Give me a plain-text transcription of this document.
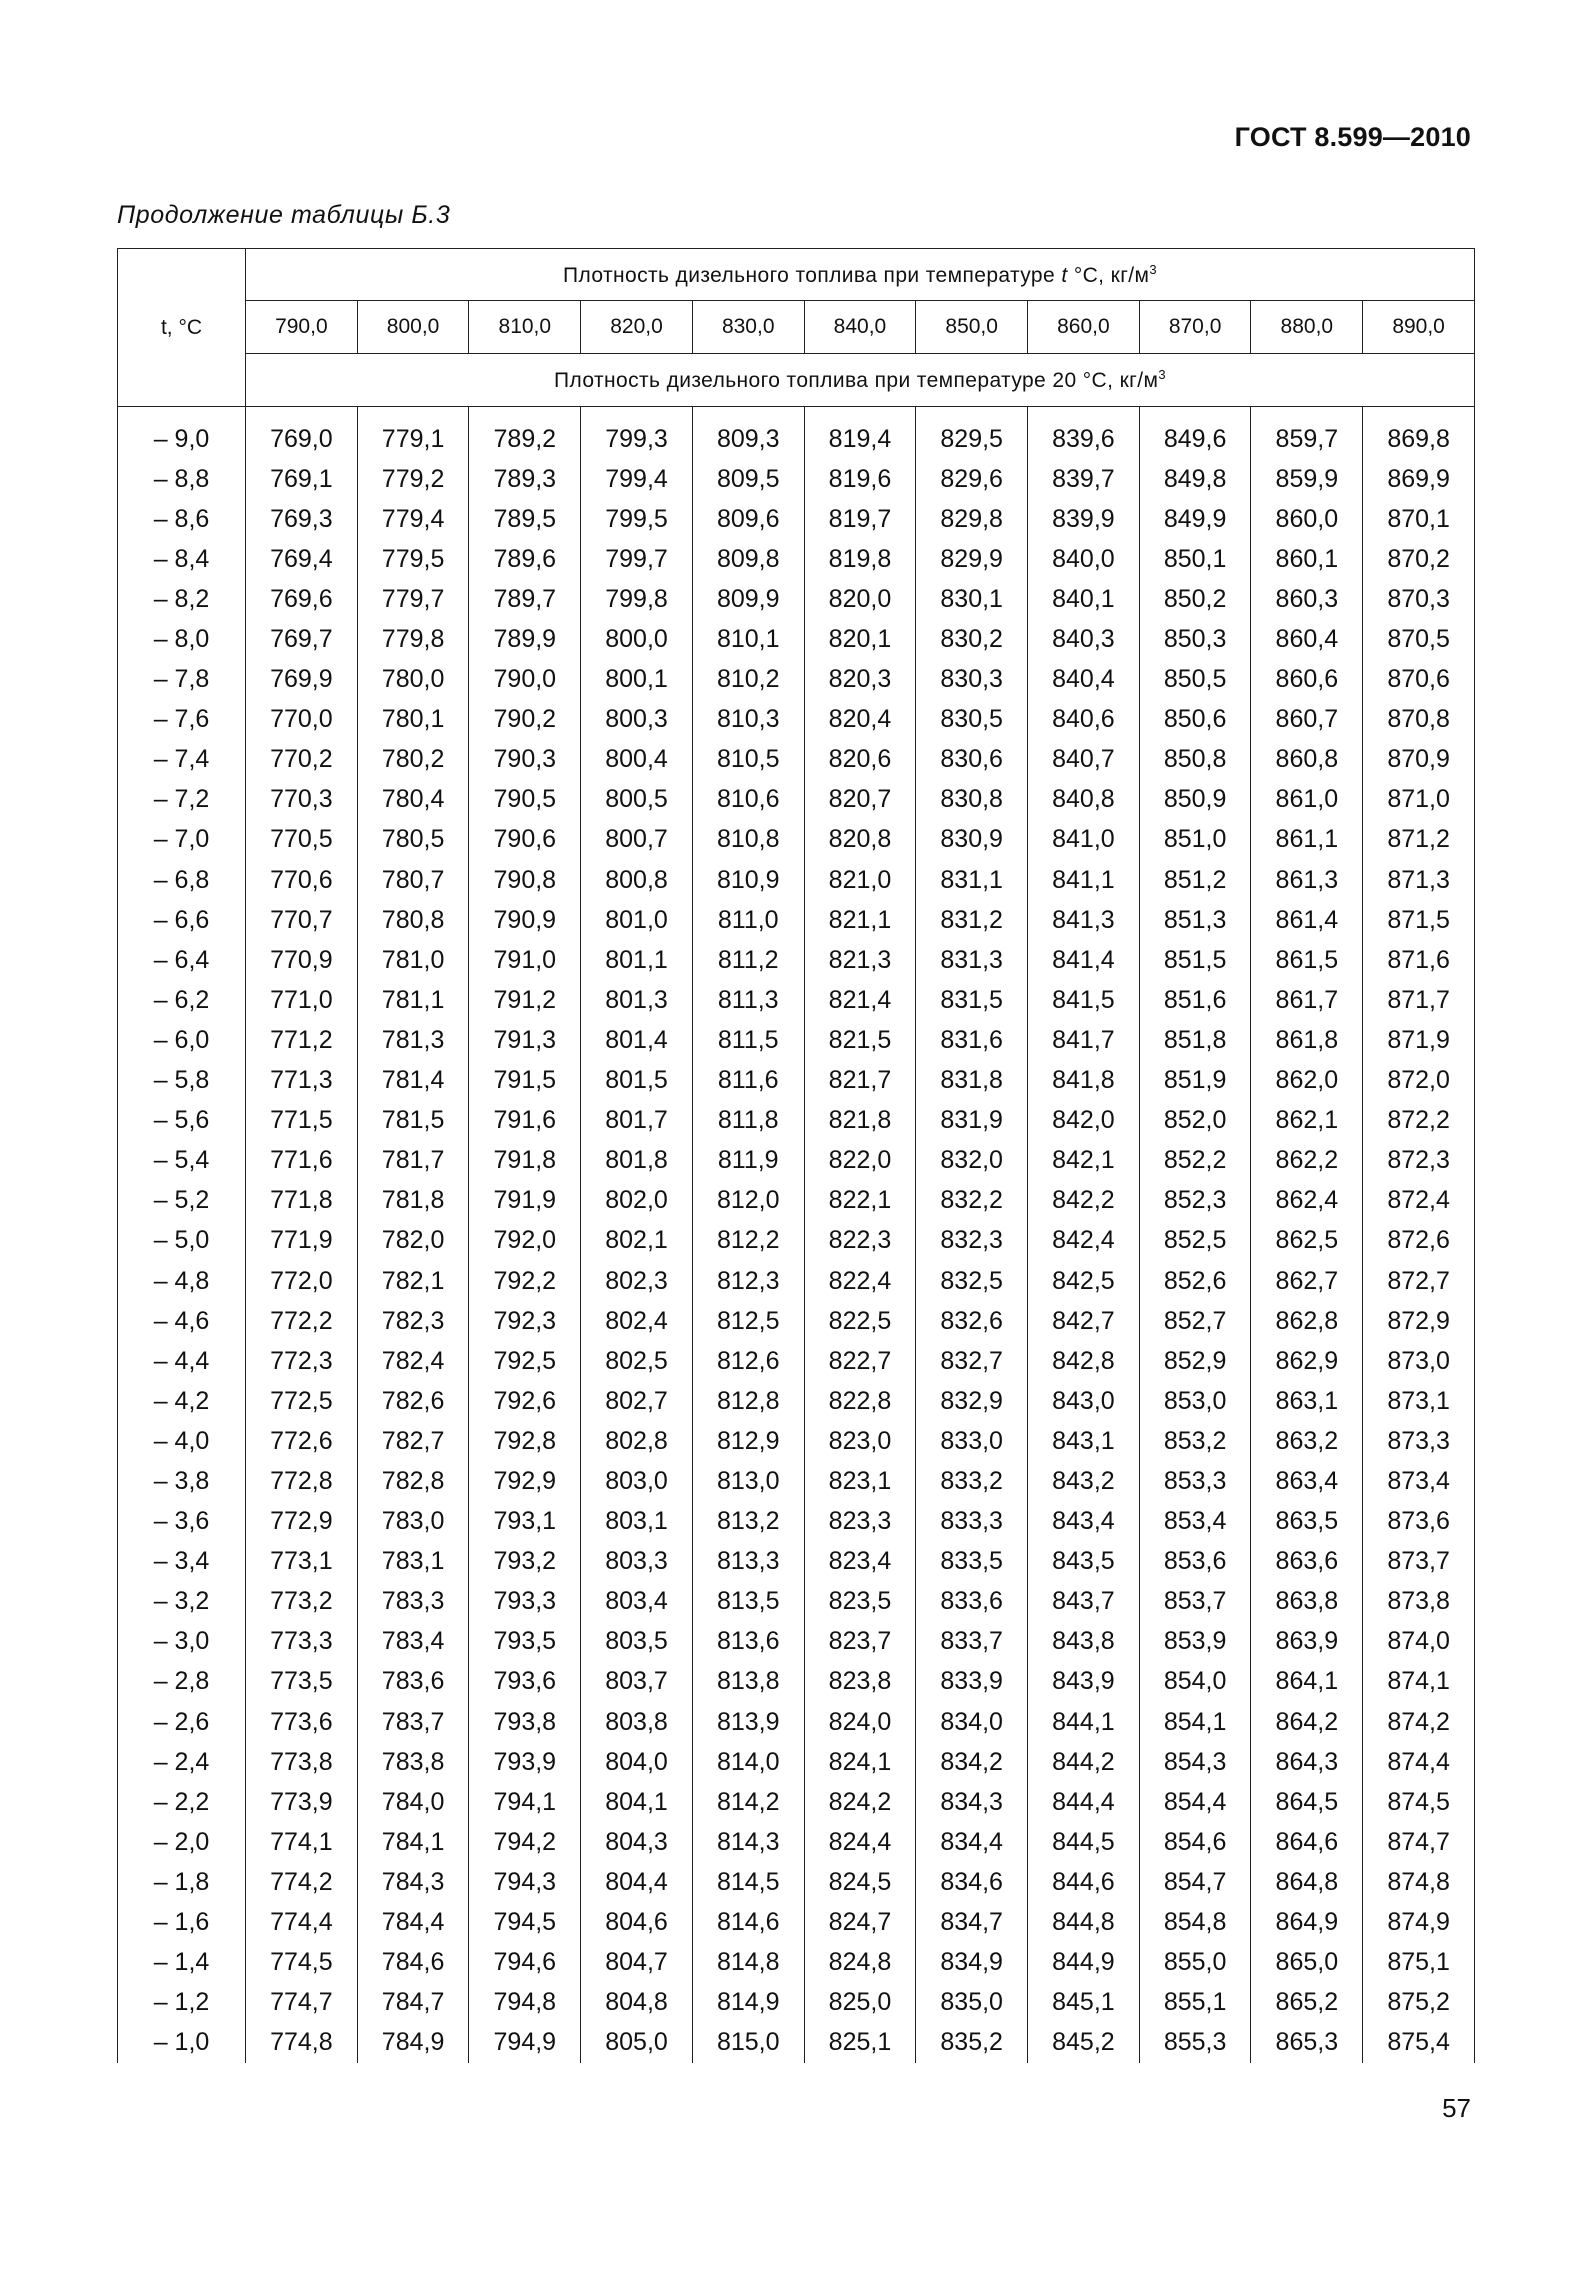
ГОСТ 8.599—2010
Продолжение таблицы Б.3
t, °С	Плотность дизельного топлива при температуре t °С, $кг/м^3$
	790,0	800,0	810,0	820,0	830,0	840,0	850,0	860,0	870,0	880,0	890,0
	Плотность дизельного топлива при температуре 20 °С, $кг/м^3$
– 9,0	769,0	779,1	789,2	799,3	809,3	819,4	829,5	839,6	849,6	859,7	869,8
– 8,8	769,1	779,2	789,3	799,4	809,5	819,6	829,6	839,7	849,8	859,9	869,9
– 8,6	769,3	779,4	789,5	799,5	809,6	819,7	829,8	839,9	849,9	860,0	870,1
– 8,4	769,4	779,5	789,6	799,7	809,8	819,8	829,9	840,0	850,1	860,1	870,2
– 8,2	769,6	779,7	789,7	799,8	809,9	820,0	830,1	840,1	850,2	860,3	870,3
– 8,0	769,7	779,8	789,9	800,0	810,1	820,1	830,2	840,3	850,3	860,4	870,5
– 7,8	769,9	780,0	790,0	800,1	810,2	820,3	830,3	840,4	850,5	860,6	870,6
– 7,6	770,0	780,1	790,2	800,3	810,3	820,4	830,5	840,6	850,6	860,7	870,8
– 7,4	770,2	780,2	790,3	800,4	810,5	820,6	830,6	840,7	850,8	860,8	870,9
– 7,2	770,3	780,4	790,5	800,5	810,6	820,7	830,8	840,8	850,9	861,0	871,0
– 7,0	770,5	780,5	790,6	800,7	810,8	820,8	830,9	841,0	851,0	861,1	871,2
– 6,8	770,6	780,7	790,8	800,8	810,9	821,0	831,1	841,1	851,2	861,3	871,3
– 6,6	770,7	780,8	790,9	801,0	811,0	821,1	831,2	841,3	851,3	861,4	871,5
– 6,4	770,9	781,0	791,0	801,1	811,2	821,3	831,3	841,4	851,5	861,5	871,6
– 6,2	771,0	781,1	791,2	801,3	811,3	821,4	831,5	841,5	851,6	861,7	871,7
– 6,0	771,2	781,3	791,3	801,4	811,5	821,5	831,6	841,7	851,8	861,8	871,9
– 5,8	771,3	781,4	791,5	801,5	811,6	821,7	831,8	841,8	851,9	862,0	872,0
– 5,6	771,5	781,5	791,6	801,7	811,8	821,8	831,9	842,0	852,0	862,1	872,2
– 5,4	771,6	781,7	791,8	801,8	811,9	822,0	832,0	842,1	852,2	862,2	872,3
– 5,2	771,8	781,8	791,9	802,0	812,0	822,1	832,2	842,2	852,3	862,4	872,4
– 5,0	771,9	782,0	792,0	802,1	812,2	822,3	832,3	842,4	852,5	862,5	872,6
– 4,8	772,0	782,1	792,2	802,3	812,3	822,4	832,5	842,5	852,6	862,7	872,7
– 4,6	772,2	782,3	792,3	802,4	812,5	822,5	832,6	842,7	852,7	862,8	872,9
– 4,4	772,3	782,4	792,5	802,5	812,6	822,7	832,7	842,8	852,9	862,9	873,0
– 4,2	772,5	782,6	792,6	802,7	812,8	822,8	832,9	843,0	853,0	863,1	873,1
– 4,0	772,6	782,7	792,8	802,8	812,9	823,0	833,0	843,1	853,2	863,2	873,3
– 3,8	772,8	782,8	792,9	803,0	813,0	823,1	833,2	843,2	853,3	863,4	873,4
– 3,6	772,9	783,0	793,1	803,1	813,2	823,3	833,3	843,4	853,4	863,5	873,6
– 3,4	773,1	783,1	793,2	803,3	813,3	823,4	833,5	843,5	853,6	863,6	873,7
– 3,2	773,2	783,3	793,3	803,4	813,5	823,5	833,6	843,7	853,7	863,8	873,8
– 3,0	773,3	783,4	793,5	803,5	813,6	823,7	833,7	843,8	853,9	863,9	874,0
– 2,8	773,5	783,6	793,6	803,7	813,8	823,8	833,9	843,9	854,0	864,1	874,1
– 2,6	773,6	783,7	793,8	803,8	813,9	824,0	834,0	844,1	854,1	864,2	874,2
– 2,4	773,8	783,8	793,9	804,0	814,0	824,1	834,2	844,2	854,3	864,3	874,4
– 2,2	773,9	784,0	794,1	804,1	814,2	824,2	834,3	844,4	854,4	864,5	874,5
– 2,0	774,1	784,1	794,2	804,3	814,3	824,4	834,4	844,5	854,6	864,6	874,7
– 1,8	774,2	784,3	794,3	804,4	814,5	824,5	834,6	844,6	854,7	864,8	874,8
– 1,6	774,4	784,4	794,5	804,6	814,6	824,7	834,7	844,8	854,8	864,9	874,9
– 1,4	774,5	784,6	794,6	804,7	814,8	824,8	834,9	844,9	855,0	865,0	875,1
– 1,2	774,7	784,7	794,8	804,8	814,9	825,0	835,0	845,1	855,1	865,2	875,2
– 1,0	774,8	784,9	794,9	805,0	815,0	825,1	835,2	845,2	855,3	865,3	875,4
57
